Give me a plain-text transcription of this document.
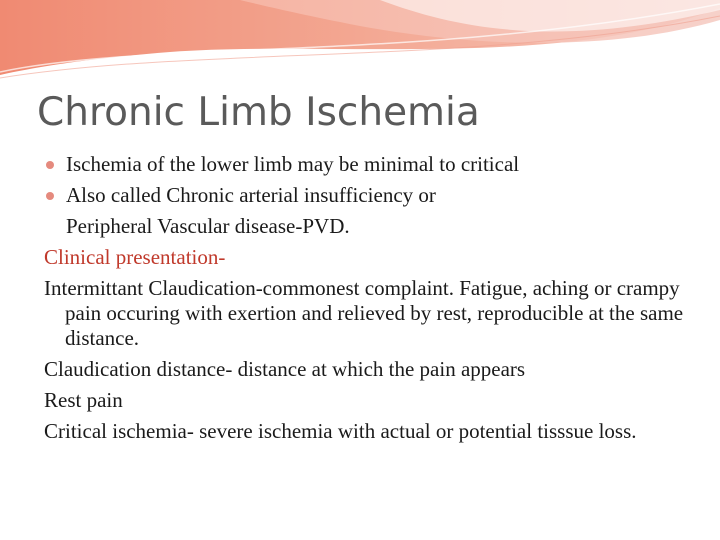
Chronic Limb Ischemia
Ischemia of the lower limb may be minimal to critical
Also called Chronic arterial insufficiency or
Peripheral Vascular disease-PVD.
Clinical presentation-
Intermittant Claudication-commonest complaint. Fatigue, aching or crampy pain occuring with exertion and relieved by rest, reproducible at the same distance.
Claudication distance- distance at which the pain appears
Rest pain
Critical ischemia- severe ischemia with actual or potential tisssue loss.
